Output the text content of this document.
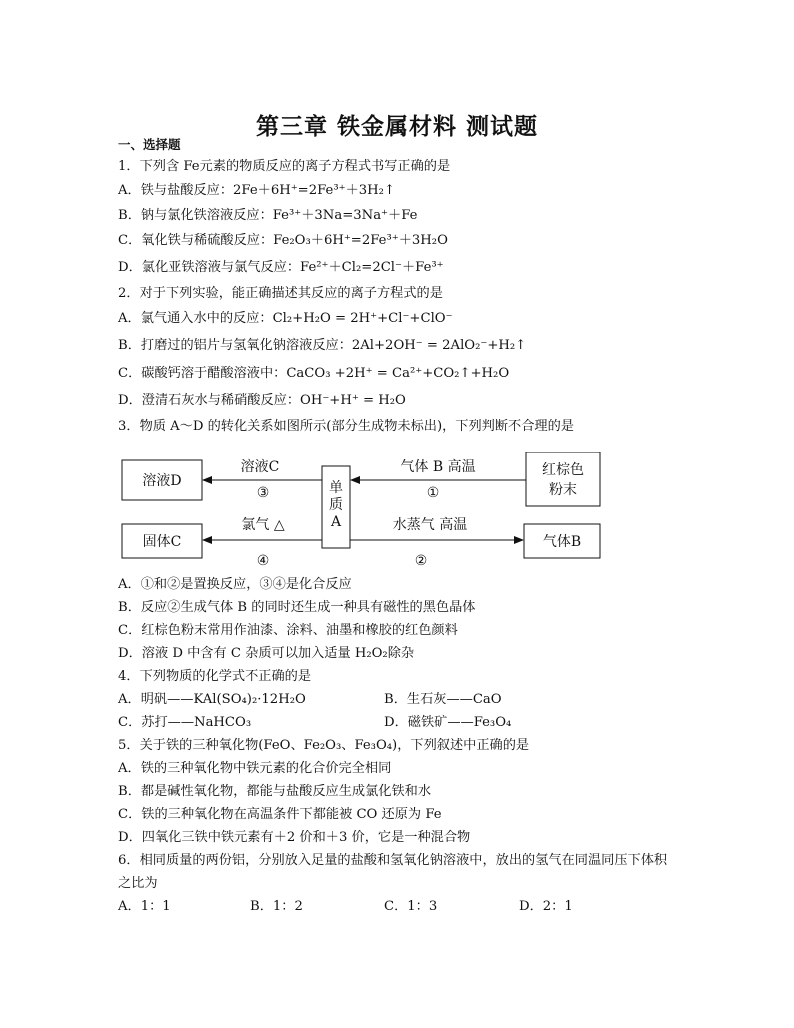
第三章 铁金属材料 测试题
一、选择题
1．下列含 Fe元素的物质反应的离子方程式书写正确的是
A．铁与盐酸反应：2Fe＋6H⁺=2Fe³⁺＋3H₂↑
B．钠与氯化铁溶液反应：Fe³⁺＋3Na=3Na⁺＋Fe
C．氧化铁与稀硫酸反应：Fe₂O₃＋6H⁺=2Fe³⁺＋3H₂O
D．氯化亚铁溶液与氯气反应：Fe²⁺＋Cl₂=2Cl⁻＋Fe³⁺
2．对于下列实验，能正确描述其反应的离子方程式的是
A．氯气通入水中的反应：Cl₂+H₂O = 2H⁺+Cl⁻+ClO⁻
B．打磨过的铝片与氢氧化钠溶液反应：2Al+2OH⁻ = 2AlO₂⁻+H₂↑
C．碳酸钙溶于醋酸溶液中：CaCO₃ +2H⁺ = Ca²⁺+CO₂↑+H₂O
D．澄清石灰水与稀硝酸反应：OH⁻+H⁺ = H₂O
3．物质 A～D 的转化关系如图所示(部分生成物未标出)，下列判断不合理的是
溶液D
固体C
单
质
A
红棕色
粉末
气体B
气体 B 高温
①
水蒸气 高温
②
溶液C
③
氯气 △
④
A．①和②是置换反应，③④是化合反应
B．反应②生成气体 B 的同时还生成一种具有磁性的黑色晶体
C．红棕色粉末常用作油漆、涂料、油墨和橡胶的红色颜料
D．溶液 D 中含有 C 杂质可以加入适量 H₂O₂除杂
4．下列物质的化学式不正确的是
A．明矾——KAl(SO₄)₂·12H₂O	B．生石灰——CaO
C．苏打——NaHCO₃	D．磁铁矿——Fe₃O₄
5．关于铁的三种氧化物(FeO、Fe₂O₃、Fe₃O₄)，下列叙述中正确的是
A．铁的三种氧化物中铁元素的化合价完全相同
B．都是碱性氧化物，都能与盐酸反应生成氯化铁和水
C．铁的三种氧化物在高温条件下都能被 CO 还原为 Fe
D．四氧化三铁中铁元素有＋2 价和＋3 价，它是一种混合物
6．相同质量的两份铝，分别放入足量的盐酸和氢氧化钠溶液中，放出的氢气在同温同压下体积
之比为
A．1：1	B．1：2	C．1：3	D．2：1
